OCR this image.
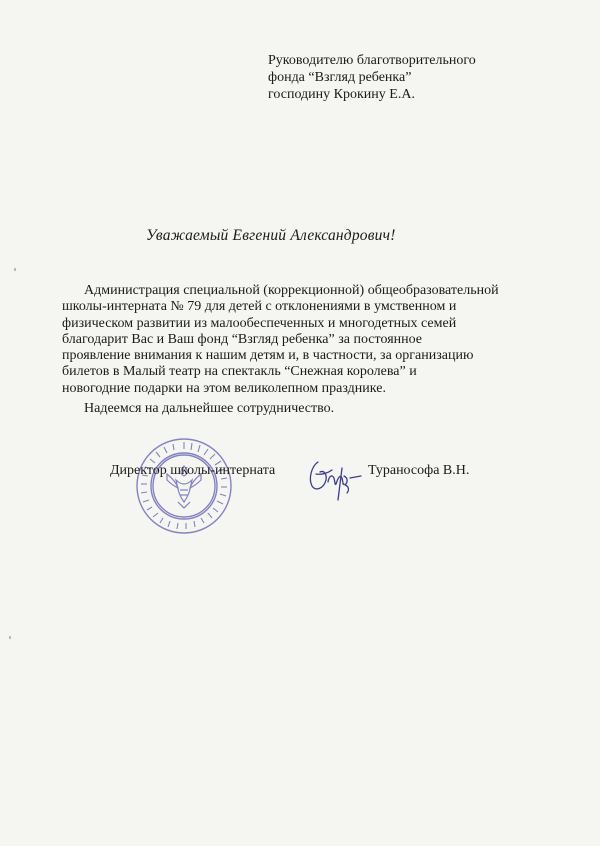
Руководителю благотворительного
фонда “Взгляд ребенка”
господину Крокину Е.А.
Уважаемый Евгений Александрович!
Администрация специальной (коррекционной) общеобразовательной
школы-интерната № 79 для детей с отклонениями в умственном и
физическом развитии из малообеспеченных и многодетных семей
благодарит Вас и Ваш фонд “Взгляд ребенка” за постоянное
проявление внимания к нашим детям и, в частности, за организацию
билетов в Малый театр на спектакль “Снежная королева” и
новогодние подарки на этом великолепном празднике.
Надеемся на дальнейшее сотрудничество.
Директор школы-интерната	Туранософа В.Н.
